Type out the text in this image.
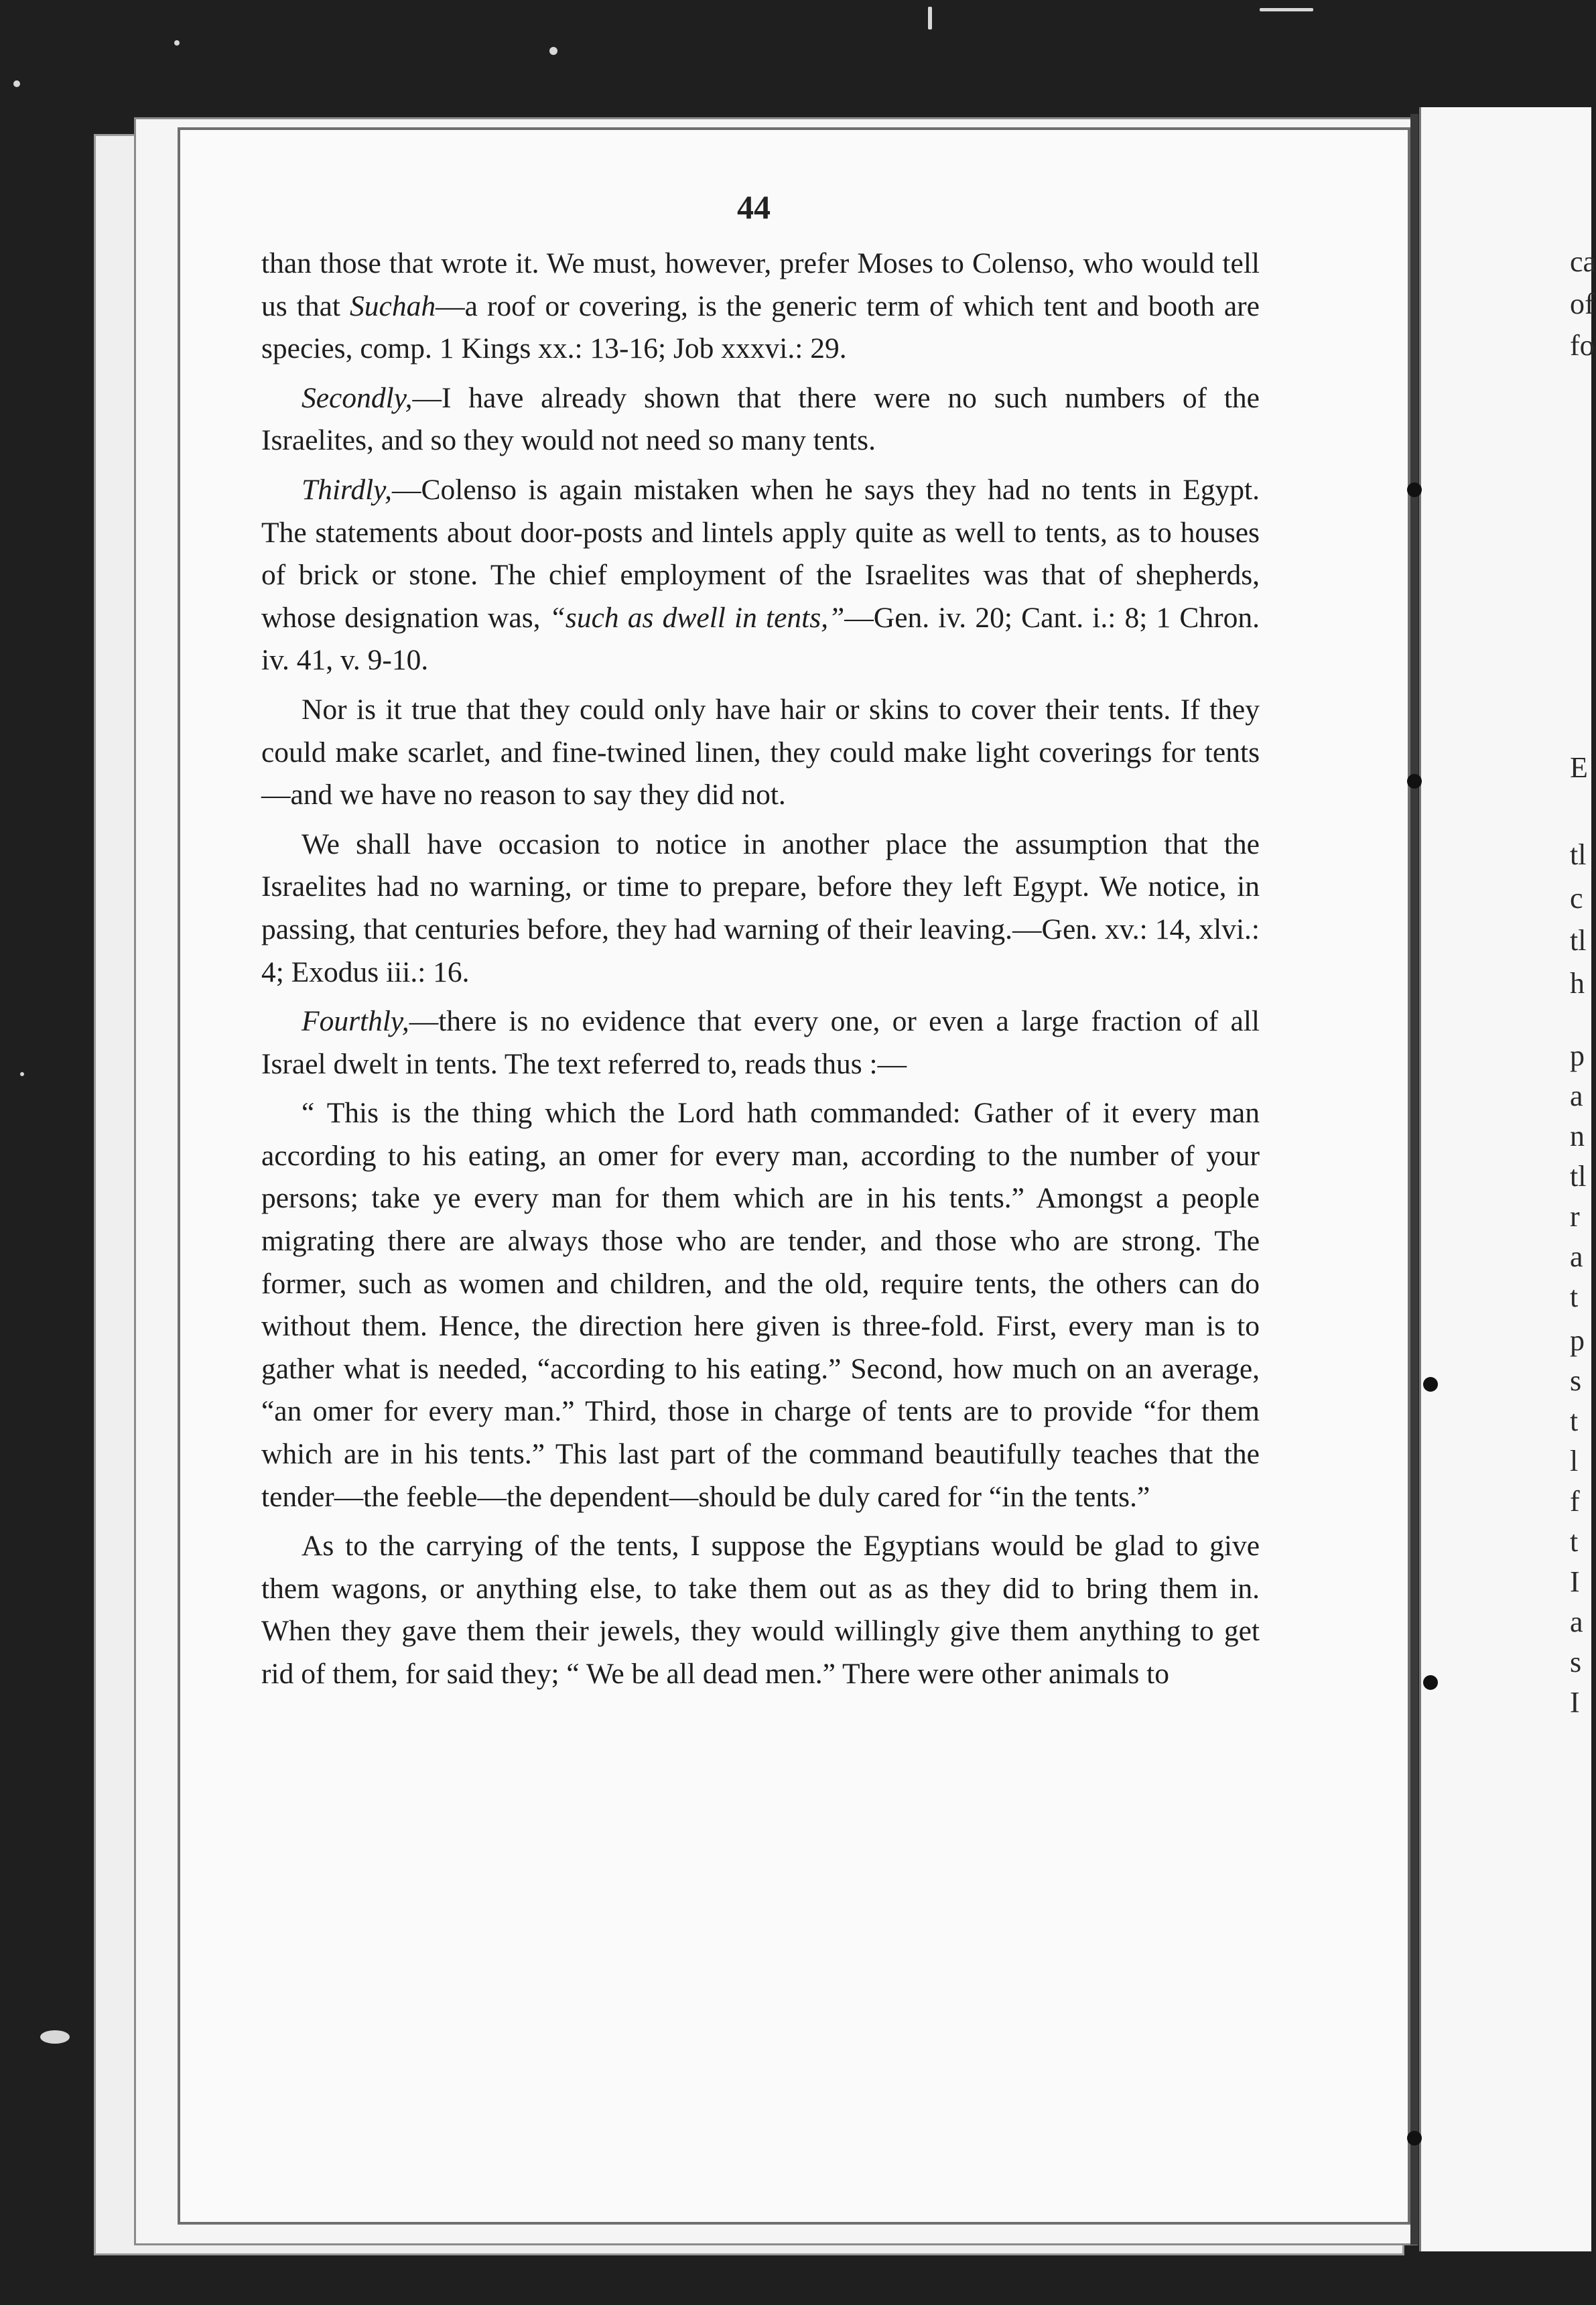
ca
of
fo
E
tl
c
tl
h
p
a
n
tl
r
a
t
p
s
t
l
f
t
I
a
s
I
44

than those that wrote it. We must, however, prefer Moses to Colenso, who would tell us that Suchah—a roof or covering, is the generic term of which tent and booth are species, comp. 1 Kings xx.: 13-16; Job xxxvi.: 29.

Secondly,—I have already shown that there were no such numbers of the Israelites, and so they would not need so many tents.

Thirdly,—Colenso is again mistaken when he says they had no tents in Egypt. The statements about door-posts and lintels apply quite as well to tents, as to houses of brick or stone. The chief employment of the Israelites was that of shepherds, whose designation was, “such as dwell in tents,”—Gen. iv. 20; Cant. i.: 8; 1 Chron. iv. 41, v. 9-10.

Nor is it true that they could only have hair or skins to cover their tents. If they could make scarlet, and fine-twined linen, they could make light coverings for tents—and we have no reason to say they did not.

We shall have occasion to notice in another place the assumption that the Israelites had no warning, or time to prepare, before they left Egypt. We notice, in passing, that centuries before, they had warning of their leaving.—Gen. xv.: 14, xlvi.: 4; Exodus iii.: 16.

Fourthly,—there is no evidence that every one, or even a large fraction of all Israel dwelt in tents. The text referred to, reads thus :—

“ This is the thing which the Lord hath commanded: Gather of it every man according to his eating, an omer for every man, according to the number of your persons; take ye every man for them which are in his tents.” Amongst a people migrating there are always those who are tender, and those who are strong. The former, such as women and children, and the old, require tents, the others can do without them. Hence, the direction here given is three-fold. First, every man is to gather what is needed, “according to his eating.” Second, how much on an average, “an omer for every man.” Third, those in charge of tents are to provide “for them which are in his tents.” This last part of the command beautifully teaches that the tender—the feeble—the dependent—should be duly cared for “in the tents.”

As to the carrying of the tents, I suppose the Egyptians would be glad to give them wagons, or anything else, to take them out as as they did to bring them in. When they gave them their jewels, they would willingly give them anything to get rid of them, for said they; “ We be all dead men.” There were other animals to
